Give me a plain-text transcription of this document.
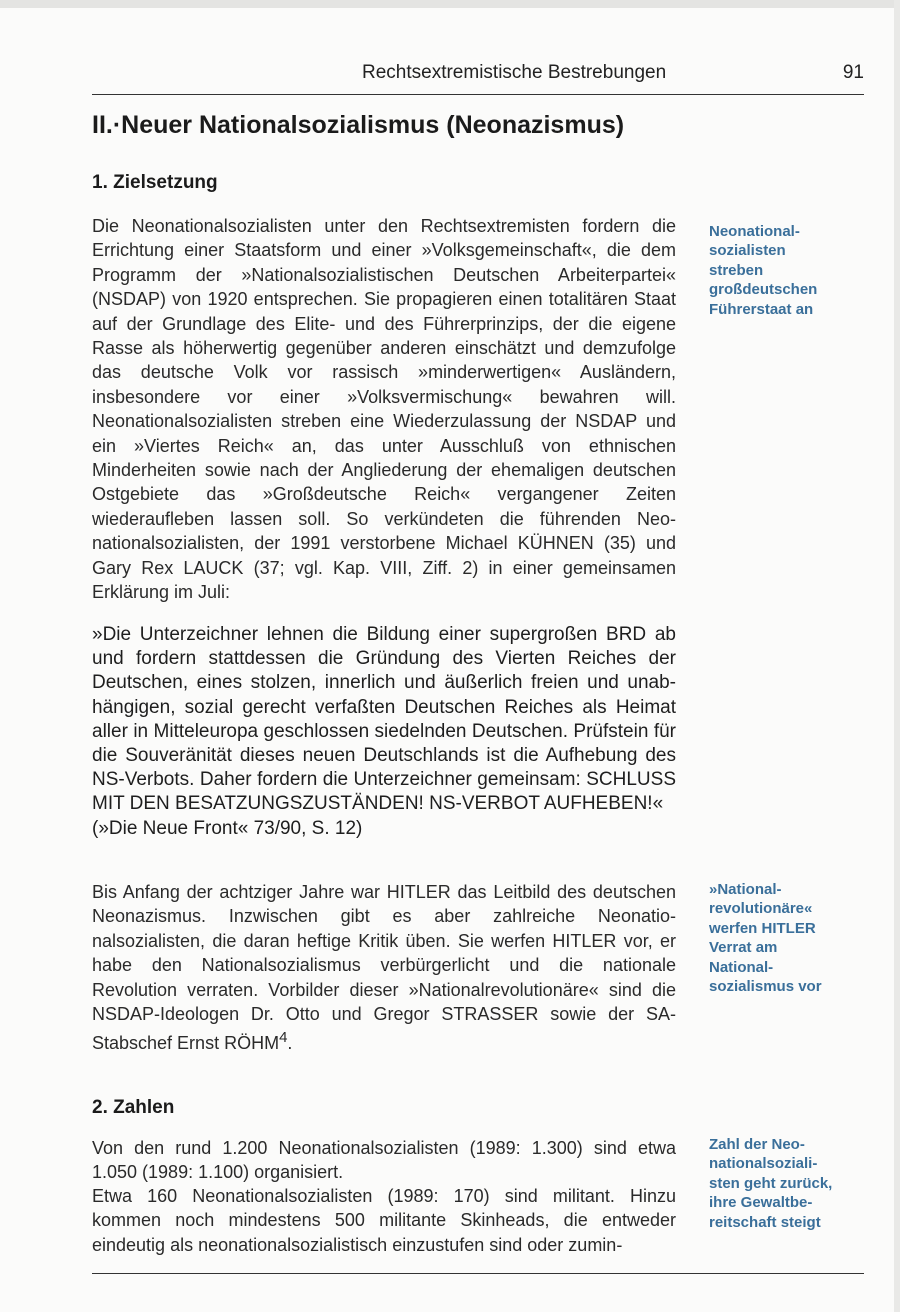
Rechtsextremistische Bestrebungen	91
II.·Neuer Nationalsozialismus (Neonazismus)
1. Zielsetzung

Die Neonationalsozialisten unter den Rechtsextremisten fordern die Errichtung einer Staatsform und einer »Volksgemeinschaft«, die dem Programm der »Nationalsozialistischen Deutschen Arbeiterpartei« (NSDAP) von 1920 entsprechen. Sie propagieren einen totalitären Staat auf der Grundlage des Elite- und des Führerprinzips, der die eigene Rasse als höherwertig gegenüber anderen einschätzt und demzufolge das deutsche Volk vor rassisch »minderwertigen« Ausländern, insbesondere vor einer »Volksvermischung« bewahren will. Neonationalsozialisten streben eine Wiederzulassung der NSDAP und ein »Viertes Reich« an, das unter Ausschluß von ethnischen Minderheiten sowie nach der Angliederung der ehemaligen deutschen Ostgebiete das »Großdeutsche Reich« vergangener Zeiten wiederaufleben lassen soll. So verkündeten die führenden Neonationalsozialisten, der 1991 verstorbene Michael KÜHNEN (35) und Gary Rex LAUCK (37; vgl. Kap. VIII, Ziff. 2) in einer gemeinsamen Erklärung im Juli:

»Die Unterzeichner lehnen die Bildung einer supergroßen BRD ab und fordern stattdessen die Gründung des Vierten Reiches der Deutschen, eines stolzen, innerlich und äußerlich freien und unabhängigen, sozial gerecht verfaßten Deutschen Reiches als Heimat aller in Mitteleuropa geschlossen siedelnden Deutschen. Prüfstein für die Souveränität dieses neuen Deutschlands ist die Aufhebung des NS-Verbots. Daher fordern die Unterzeichner gemeinsam: SCHLUSS MIT DEN BESATZUNGSZUSTÄNDEN! NS-VERBOT AUFHEBEN!«
(»Die Neue Front« 73/90, S. 12)

Bis Anfang der achtziger Jahre war HITLER das Leitbild des deutschen Neonazismus. Inzwischen gibt es aber zahlreiche Neonationalsozialisten, die daran heftige Kritik üben. Sie werfen HITLER vor, er habe den Nationalsozialismus verbürgerlicht und die nationale Revolution verraten. Vorbilder dieser »Nationalrevolutionäre« sind die NSDAP-Ideologen Dr. Otto und Gregor STRASSER sowie der SA-Stabschef Ernst RÖHM$^4$.

2. Zahlen

Von den rund 1.200 Neonationalsozialisten (1989: 1.300) sind etwa 1.050 (1989: 1.100) organisiert.

Etwa 160 Neonationalsozialisten (1989: 170) sind militant. Hinzu kommen noch mindestens 500 militante Skinheads, die entweder eindeutig als neonationalsozialistisch einzustufen sind oder zumin-

Neonational-
sozialisten
streben
großdeutschen
Führerstaat an

»National-
revolutionäre«
werfen HITLER
Verrat am
National-
sozialismus vor

Zahl der Neo-
nationalsoziali-
sten geht zurück,
ihre Gewaltbe-
reitschaft steigt
